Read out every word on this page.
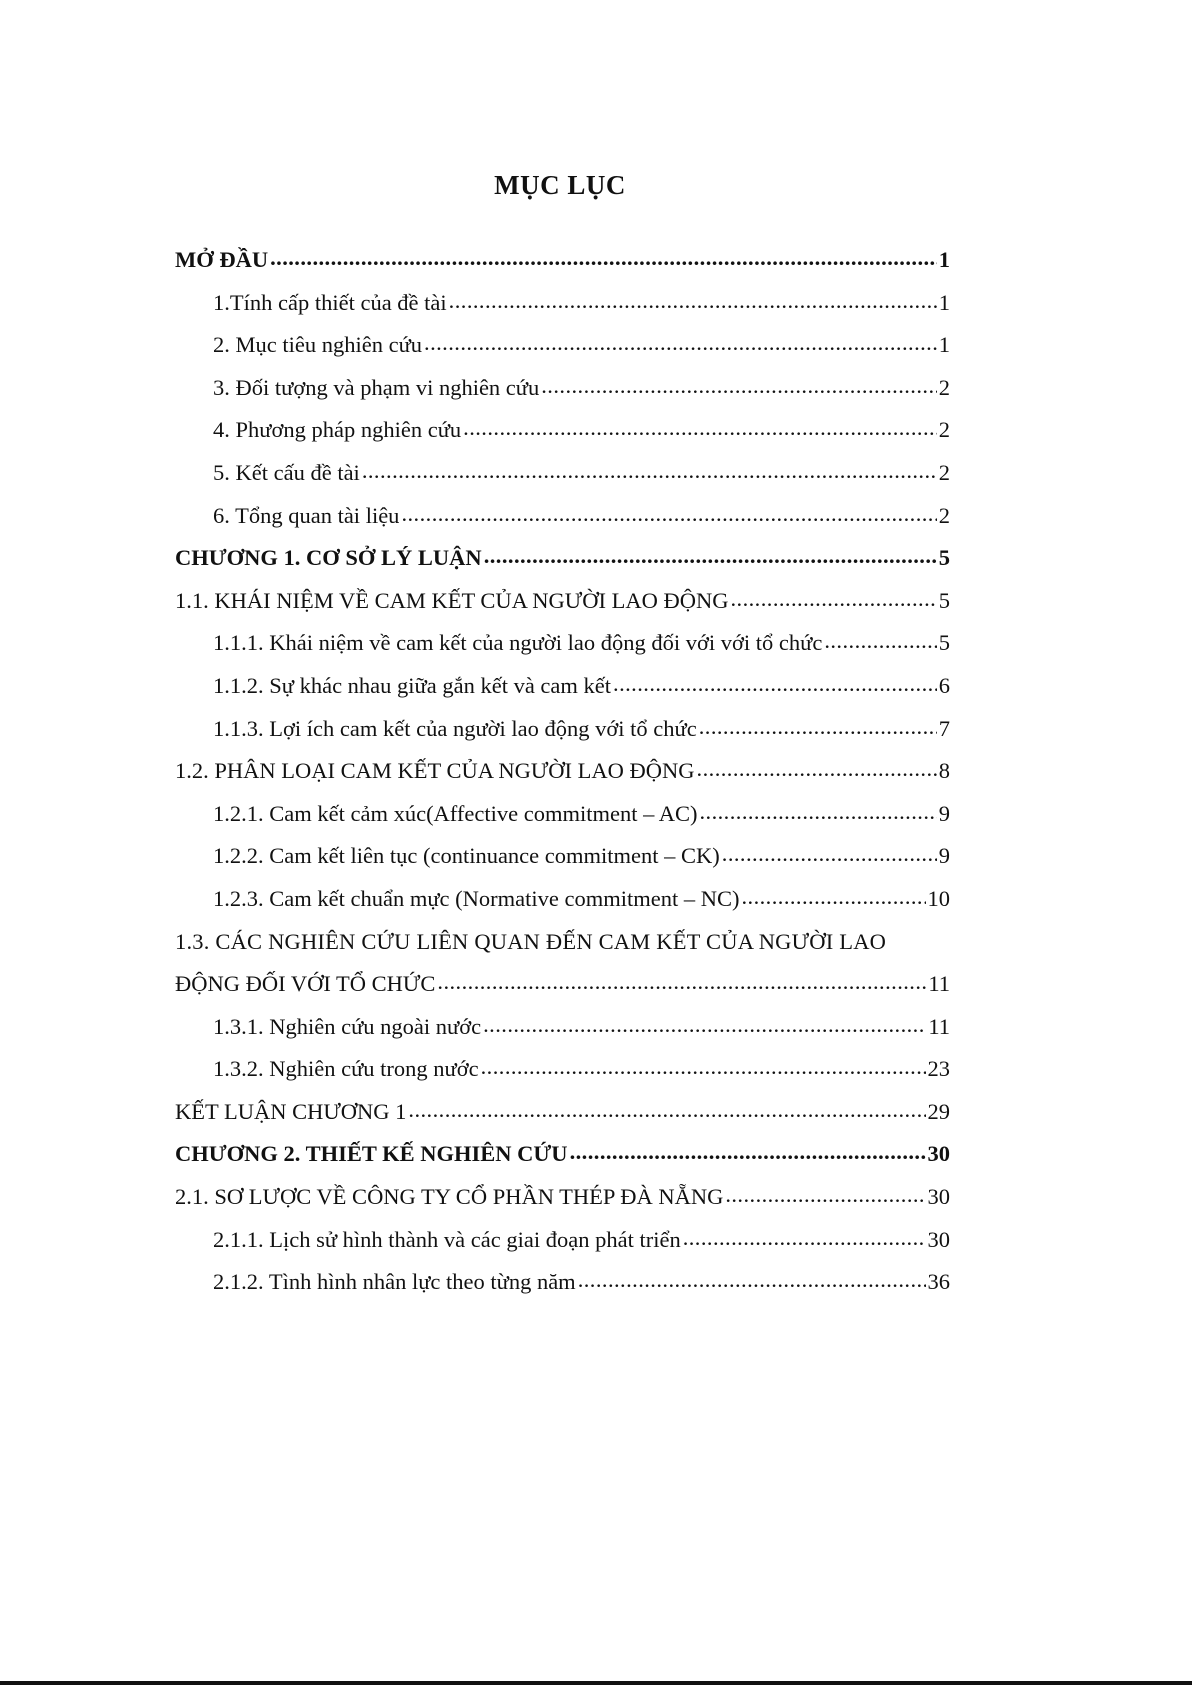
MỤC LỤC
MỞ ĐẦU . . .	1
1.Tính cấp thiết của đề tài . . .	1
2. Mục tiêu nghiên cứu . . .	1
3. Đối tượng và phạm vi nghiên cứu . . .	2
4. Phương pháp nghiên cứu . . .	2
5. Kết cấu đề tài . . .	2
6. Tổng quan tài liệu . . .	2
CHƯƠNG 1. CƠ SỞ LÝ LUẬN . . .	5
1.1. KHÁI NIỆM VỀ CAM KẾT CỦA NGƯỜI LAO ĐỘNG . . .	5
1.1.1. Khái niệm về cam kết của người lao động đối với với tổ chức . . .	5
1.1.2. Sự khác nhau giữa gắn kết và cam kết . . .	6
1.1.3. Lợi ích cam kết của người lao động với tổ chức . . .	7
1.2. PHÂN LOẠI CAM KẾT CỦA NGƯỜI LAO ĐỘNG . . .	8
1.2.1. Cam kết cảm xúc(Affective commitment – AC) . . .	9
1.2.2. Cam kết liên tục (continuance commitment – CK) . . .	9
1.2.3. Cam kết chuẩn mực (Normative commitment – NC) . . .	10
1.3. CÁC NGHIÊN CỨU LIÊN QUAN ĐẾN CAM KẾT CỦA NGƯỜI LAO
ĐỘNG ĐỐI VỚI TỔ CHỨC . . .	11
1.3.1. Nghiên cứu ngoài nước . . .	11
1.3.2. Nghiên cứu trong nước . . .	23
KẾT LUẬN CHƯƠNG 1 . . .	29
CHƯƠNG 2. THIẾT KẾ NGHIÊN CỨU . . .	30
2.1. SƠ LƯỢC VỀ CÔNG TY CỔ PHẦN THÉP ĐÀ NẴNG . . .	30
2.1.1. Lịch sử hình thành và các giai đoạn phát triển . . .	30
2.1.2. Tình hình nhân lực theo từng năm . . .	36
